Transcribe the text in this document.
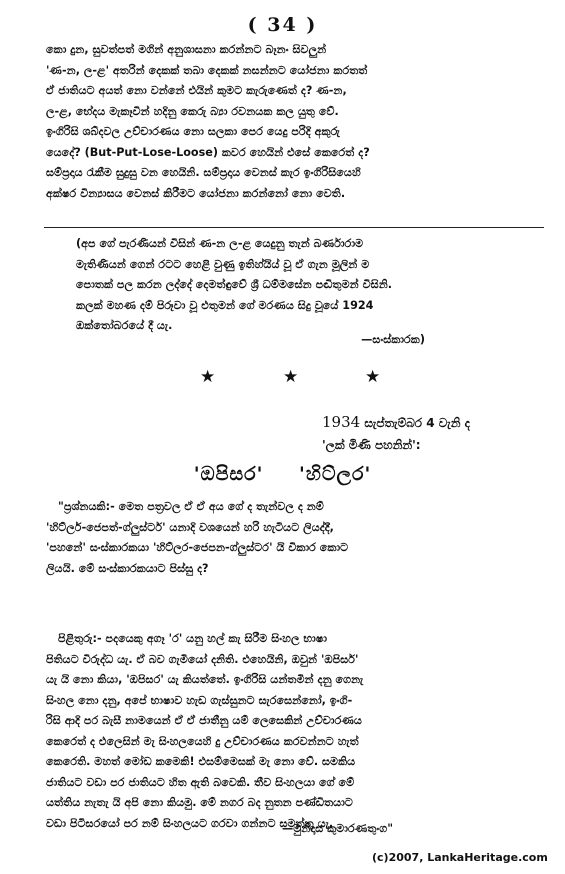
( 34 )
කො දුන, සුවත්පත් මගින් අනුශාසනා කරන්නට බෑනං සිවලුන්
'ණ-න, ල-ළ' අතරින් දෙකක් තබා දෙකක් නසන්නට යෝජනා කරතත්
ඒ ජාතියට අයත් නො වන්නේ එයින් කුමට කැරුණෙත් ද? ණ-න,
ල-ළ, භේදය මැකෑවින් හදිනු කෙරු බ්‍යා රවනයක කල යුතු වේ.
ඉංගිරිසි ශබ්දවල උච්චාරණය නො සලකා පෙර යෙදු පරිදි අකුරු
යෙදේ? (But-Put-Lose-Loose) කවර හෙයින් එසේ කෙරෙත් ද?
සම්ප්‍රදාය රැකීම සුදුසු වන හෙයිනි. සම්ප්‍රදාය වෙනස් කැර ඉංගිරිසියෙහි
අක්ෂර වින්‍යාසය වෙනස් කිරීමට යෝජනා කරන්නෝ නො වෙති.
(අප ගේ පැරණියන් විසින් ණ-න ල-ළ යෙදුනු තැන් බර්ණාරාම
මැතිණියන් ගෙන් රටට හෙළි වුණු ඉතිහ්යිය් වූ ඒ ගැන මූලින් ම
පොතක් පල කරන ලද්දේ දෙමත්ඳුවේ ශ්‍රී ධම්මසේන පඬිතුමන් විසිනි.
කලක් මහණ දම් පිරූවා වූ එතුමන් ගේ මරණය සිදු වූයේ 1924
ඔක්තෝබරයේ දී යැ.
—සංස්කාරක)
★	★	★
1934 සැප්තැම්බර 4 වැනි ද
'ලක් මිණි පහනින්':
'ඔපිසර' 'හිට්ලර'
"ප්‍රශ්නයකි:- මෙත පත්‍රවල ඒ ඒ අය ගේ ද තැන්වල ද නම්
'හිට්ලර්-ජෙපත්-ග්ලුස්ටර්' යනාදි වශයෙන් හරි හැටියට ලියද්දී,
'පහනේ' සංස්කාරකයා 'හිට්ලර-ජෙපන-ග්ලුස්ටර' යි විකාර කොට
ලියයි. මේ සංස්කාරකයාට පිස්සු ද?
පිළිතුරු:- පදයෙකු අගෑ 'ර' යනු හල් කැ සිරීම සිංහල භාෂා
පිතියට විරුද්ධ යැ. ඒ බව ගැමියෝ දනිති. එහෙයිනි, ඔවුන් 'ඔපිසර්'
යැ යි නො කියා, 'ඔපිසර' යැ කියත්තේ. ඉංගිරිසි යන්තමින් දනු ගෙනැ
සිංහල නො දනු, අපේ භාෂාව හැඩ ගැස්සුනට සැරසෙන්නෝ, ඉංගි-
රිසි ආදි පර බැසී නාමයෙන් ඒ ඒ ජාතීනු යම් ලෙසෙකින් උච්චාරණය
කෙරෙත් ද එලෙසින් මැ සිංහලයෙහි දු උච්චාරණය කරවන්නට හැත්
කෙරෙති. මහත් මෝඩ කමෙකි! එසම්මෙසක් මැ නො වේ. සමකිය
ජාතියට වඩා පර ජාතියට හිත ඇති බවෙකි. තීව සිංහලයා ගේ මේ
යත්තිය නැතැ යි අපි නො කියමු. මේ නගර බද නුතන පණ්ඩිතයාට
වඩා පිටිසරයෝ පර නම් සිංහලයට ගරවා ගන්නට සමත්තු යැ.
—මුනිදාස කුමාරණතුංග"
(c)2007, LankaHeritage.com
